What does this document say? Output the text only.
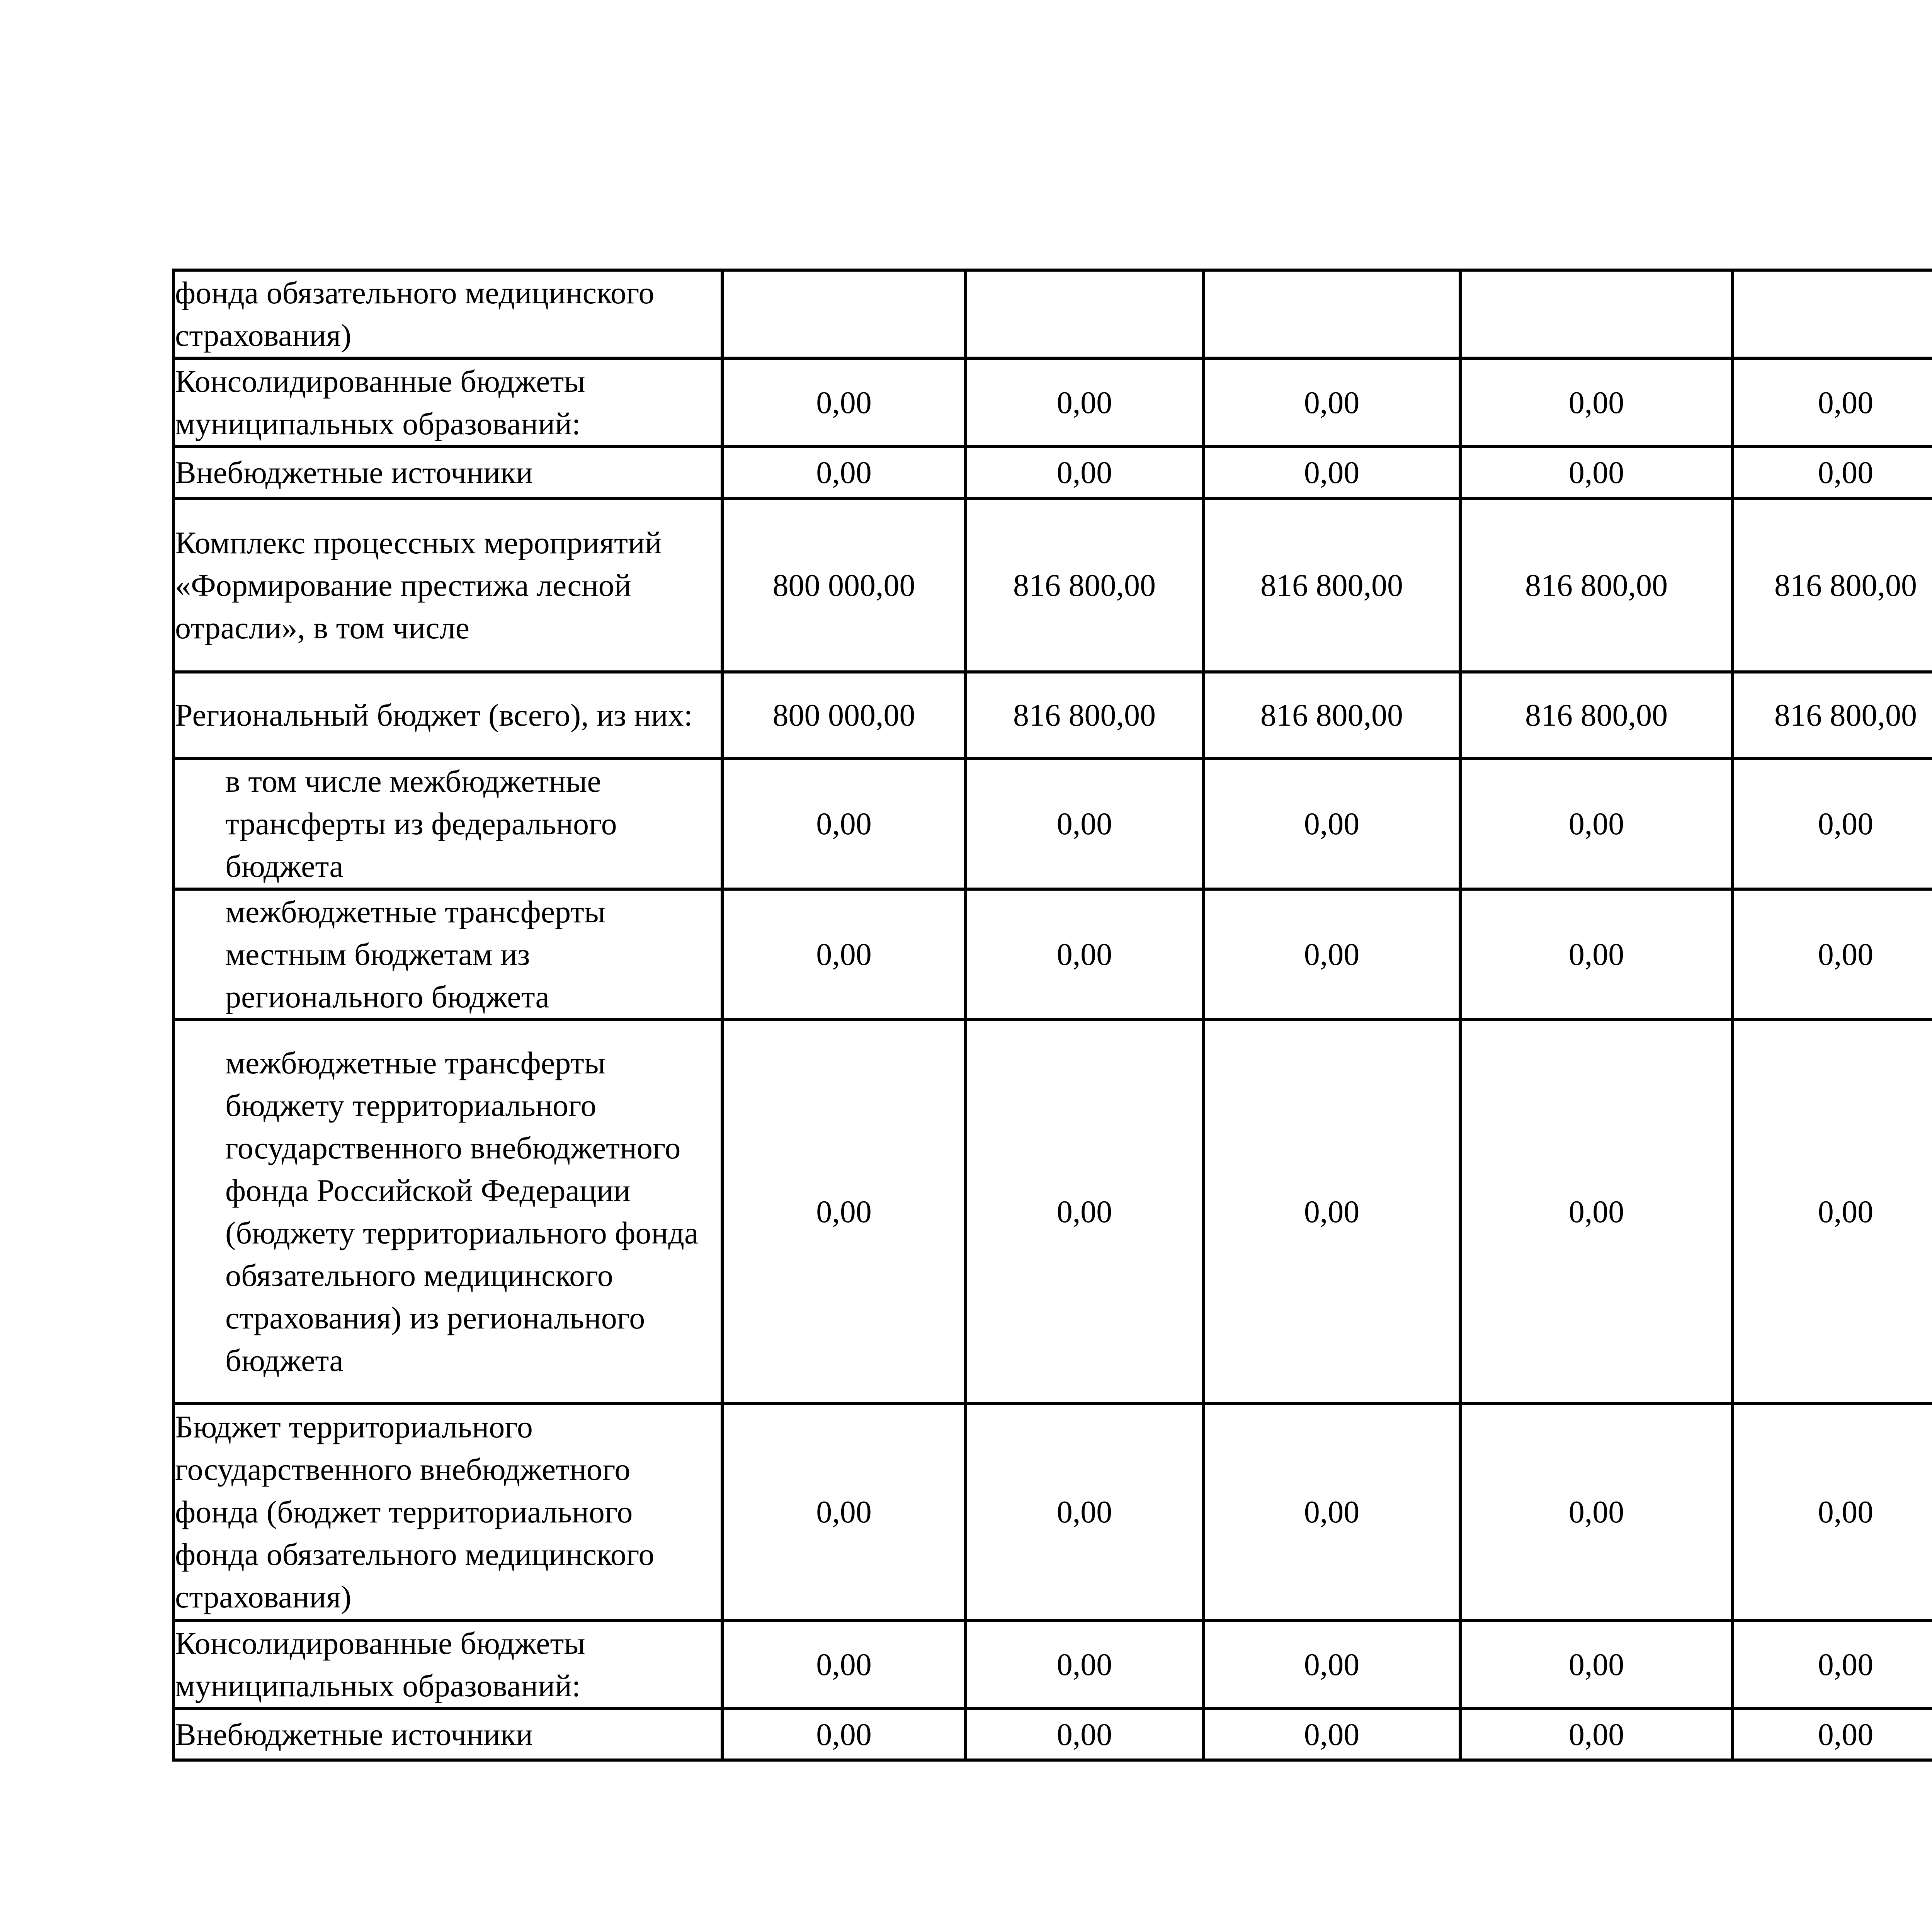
фонда обязательного медицинского страхования)								

Консолидированные бюджеты муниципальных образований:	0,00	0,00	0,00	0,00	0,00

Внебюджетные источники	0,00	0,00	0,00	0,00	0,00

Комплекс процессных мероприятий «Формирование престижа лесной отрасли», в том числе	800 000,00	816 800,00	816 800,00	816 800,00	816 800,00

Региональный бюджет (всего), из них:	800 000,00	816 800,00	816 800,00	816 800,00	816 800,00

в том числе межбюджетные трансферты из федерального бюджета	0,00	0,00	0,00	0,00	0,00

межбюджетные трансферты местным бюджетам из регионального бюджета	0,00	0,00	0,00	0,00	0,00

межбюджетные трансферты бюджету территориального государственного внебюджетного фонда Российской Федерации (бюджету территориального фонда обязательного медицинского страхования) из регионального бюджета	0,00	0,00	0,00	0,00	0,00

Бюджет территориального государственного внебюджетного фонда (бюджет территориального фонда обязательного медицинского страхования)	0,00	0,00	0,00	0,00	0,00

Консолидированные бюджеты муниципальных образований:	0,00	0,00	0,00	0,00	0,00

Внебюджетные источники	0,00	0,00	0,00	0,00	0,00
